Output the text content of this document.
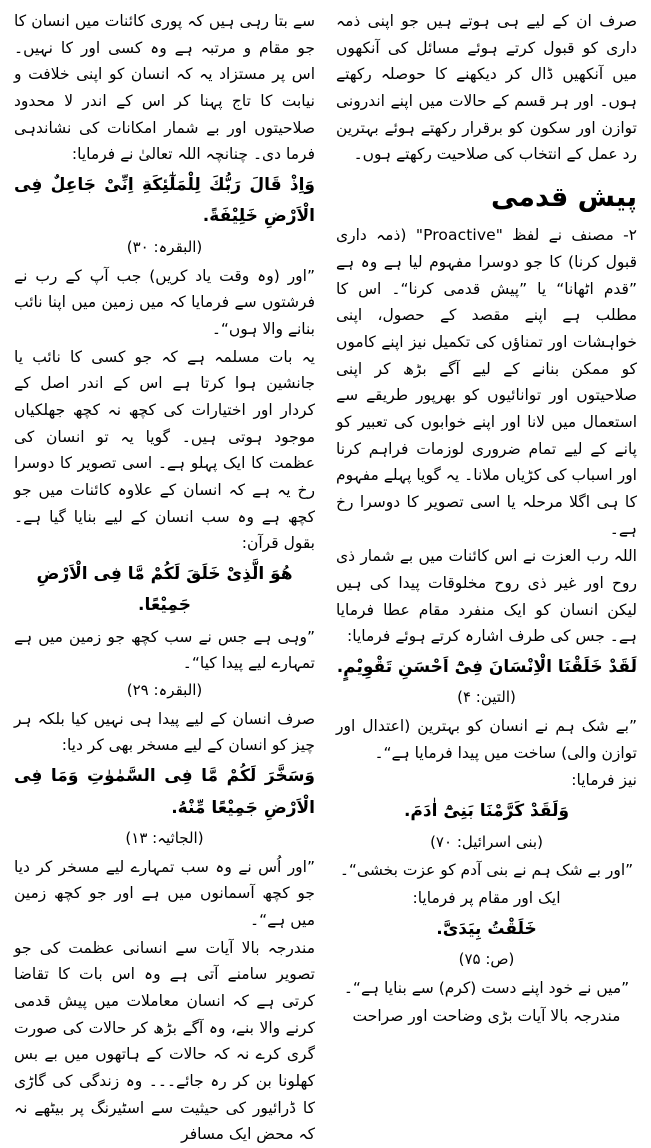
سے بتا رہی ہیں کہ پوری کائنات میں انسان کا جو مقام و مرتبہ ہے وہ کسی اور کا نہیں۔ اس پر مستزاد یہ کہ انسان کو اپنی خلافت و نیابت کا تاج پہنا کر اس کے اندر لا محدود صلاحیتوں اور بے شمار امکانات کی نشاندہی فرما دی۔ چنانچہ اللہ تعالیٰ نے فرمایا:

وَاِذْ قَالَ رَبُّكَ لِلْمَلٰٓئِكَةِ اِنِّىْ جَاعِلٌ فِى الْاَرْضِ خَلِيْفَةً.

(البقرہ: ۳۰)

”اور (وہ وقت یاد کریں) جب آپ کے رب نے فرشتوں سے فرمایا کہ میں زمین میں اپنا نائب بنانے والا ہوں“۔

یہ بات مسلمہ ہے کہ جو کسی کا نائب یا جانشین ہوا کرتا ہے اس کے اندر اصل کے کردار اور اختیارات کی کچھ نہ کچھ جھلکیاں موجود ہوتی ہیں۔ گویا یہ تو انسان کی عظمت کا ایک پہلو ہے۔ اسی تصویر کا دوسرا رخ یہ ہے کہ انسان کے علاوہ کائنات میں جو کچھ ہے وہ سب انسان کے لیے بنایا گیا ہے۔ بقول قرآن:

هُوَ الَّذِىْ خَلَقَ لَكُمْ مَّا فِى الْاَرْضِ جَمِيْعًا.

”وہی ہے جس نے سب کچھ جو زمین میں ہے تمہارے لیے پیدا کیا“۔

(البقرہ: ۲۹)

صرف انسان کے لیے پیدا ہی نہیں کیا بلکہ ہر چیز کو انسان کے لیے مسخر بھی کر دیا:

وَسَخَّرَ لَكُمْ مَّا فِى السَّمٰوٰتِ وَمَا فِى الْاَرْضِ جَمِيْعًا مِّنْهُ.

(الجاثیہ: ۱۳)

”اور اُس نے وہ سب تمہارے لیے مسخر کر دیا جو کچھ آسمانوں میں ہے اور جو کچھ زمین میں ہے“۔

مندرجہ بالا آیات سے انسانی عظمت کی جو تصویر سامنے آتی ہے وہ اس بات کا تقاضا کرتی ہے کہ انسان معاملات میں پیش قدمی کرنے والا بنے، وہ آگے بڑھ کر حالات کی صورت گری کرے نہ کہ حالات کے ہاتھوں میں بے بس کھلونا بن کر رہ جائے۔۔۔ وہ زندگی کی گاڑی کا ڈرائیور کی حیثیت سے اسٹیرنگ پر بیٹھے نہ کہ محض ایک مسافر

صرف ان کے لیے ہی ہوتے ہیں جو اپنی ذمہ داری کو قبول کرتے ہوئے مسائل کی آنکھوں میں آنکھیں ڈال کر دیکھنے کا حوصلہ رکھتے ہوں۔ اور ہر قسم کے حالات میں اپنے اندرونی توازن اور سکون کو برقرار رکھتے ہوئے بہترین رد عمل کے انتخاب کی صلاحیت رکھتے ہوں۔

پیش قدمی

۲- مصنف نے لفظ "Proactive" (ذمہ داری قبول کرنا) کا جو دوسرا مفہوم لیا ہے وہ ہے ”قدم اٹھانا“ یا ”پیش قدمی کرنا“۔ اس کا مطلب ہے اپنے مقصد کے حصول، اپنی خواہشات اور تمناؤں کی تکمیل نیز اپنے کاموں کو ممکن بنانے کے لیے آگے بڑھ کر اپنی صلاحیتوں اور توانائیوں کو بھرپور طریقے سے استعمال میں لانا اور اپنے خوابوں کی تعبیر کو پانے کے لیے تمام ضروری لوزمات فراہم کرنا اور اسباب کی کڑیاں ملانا۔ یہ گویا پہلے مفہوم کا ہی اگلا مرحلہ یا اسی تصویر کا دوسرا رخ ہے۔

اللہ رب العزت نے اس کائنات میں بے شمار ذی روح اور غیر ذی روح مخلوقات پیدا کی ہیں لیکن انسان کو ایک منفرد مقام عطا فرمایا ہے۔ جس کی طرف اشارہ کرتے ہوئے فرمایا:

لَقَدْ خَلَقْنَا الْاِنْسَانَ فِىْٓ اَحْسَنِ تَقْوِيْمٍ.

(التین: ۴)

”بے شک ہم نے انسان کو بہترین (اعتدال اور توازن والی) ساخت میں پیدا فرمایا ہے“۔

نیز فرمایا:

وَلَقَدْ كَرَّمْنَا بَنِىْٓ اٰدَمَ.

(بنی اسرائیل: ۷۰)

”اور بے شک ہم نے بنی آدم کو عزت بخشی“۔

ایک اور مقام پر فرمایا:

خَلَقْتُ بِيَدَىَّ.

(ص: ۷۵)

”میں نے خود اپنے دست (کرم) سے بنایا ہے“۔

مندرجہ بالا آیات بڑی وضاحت اور صراحت
